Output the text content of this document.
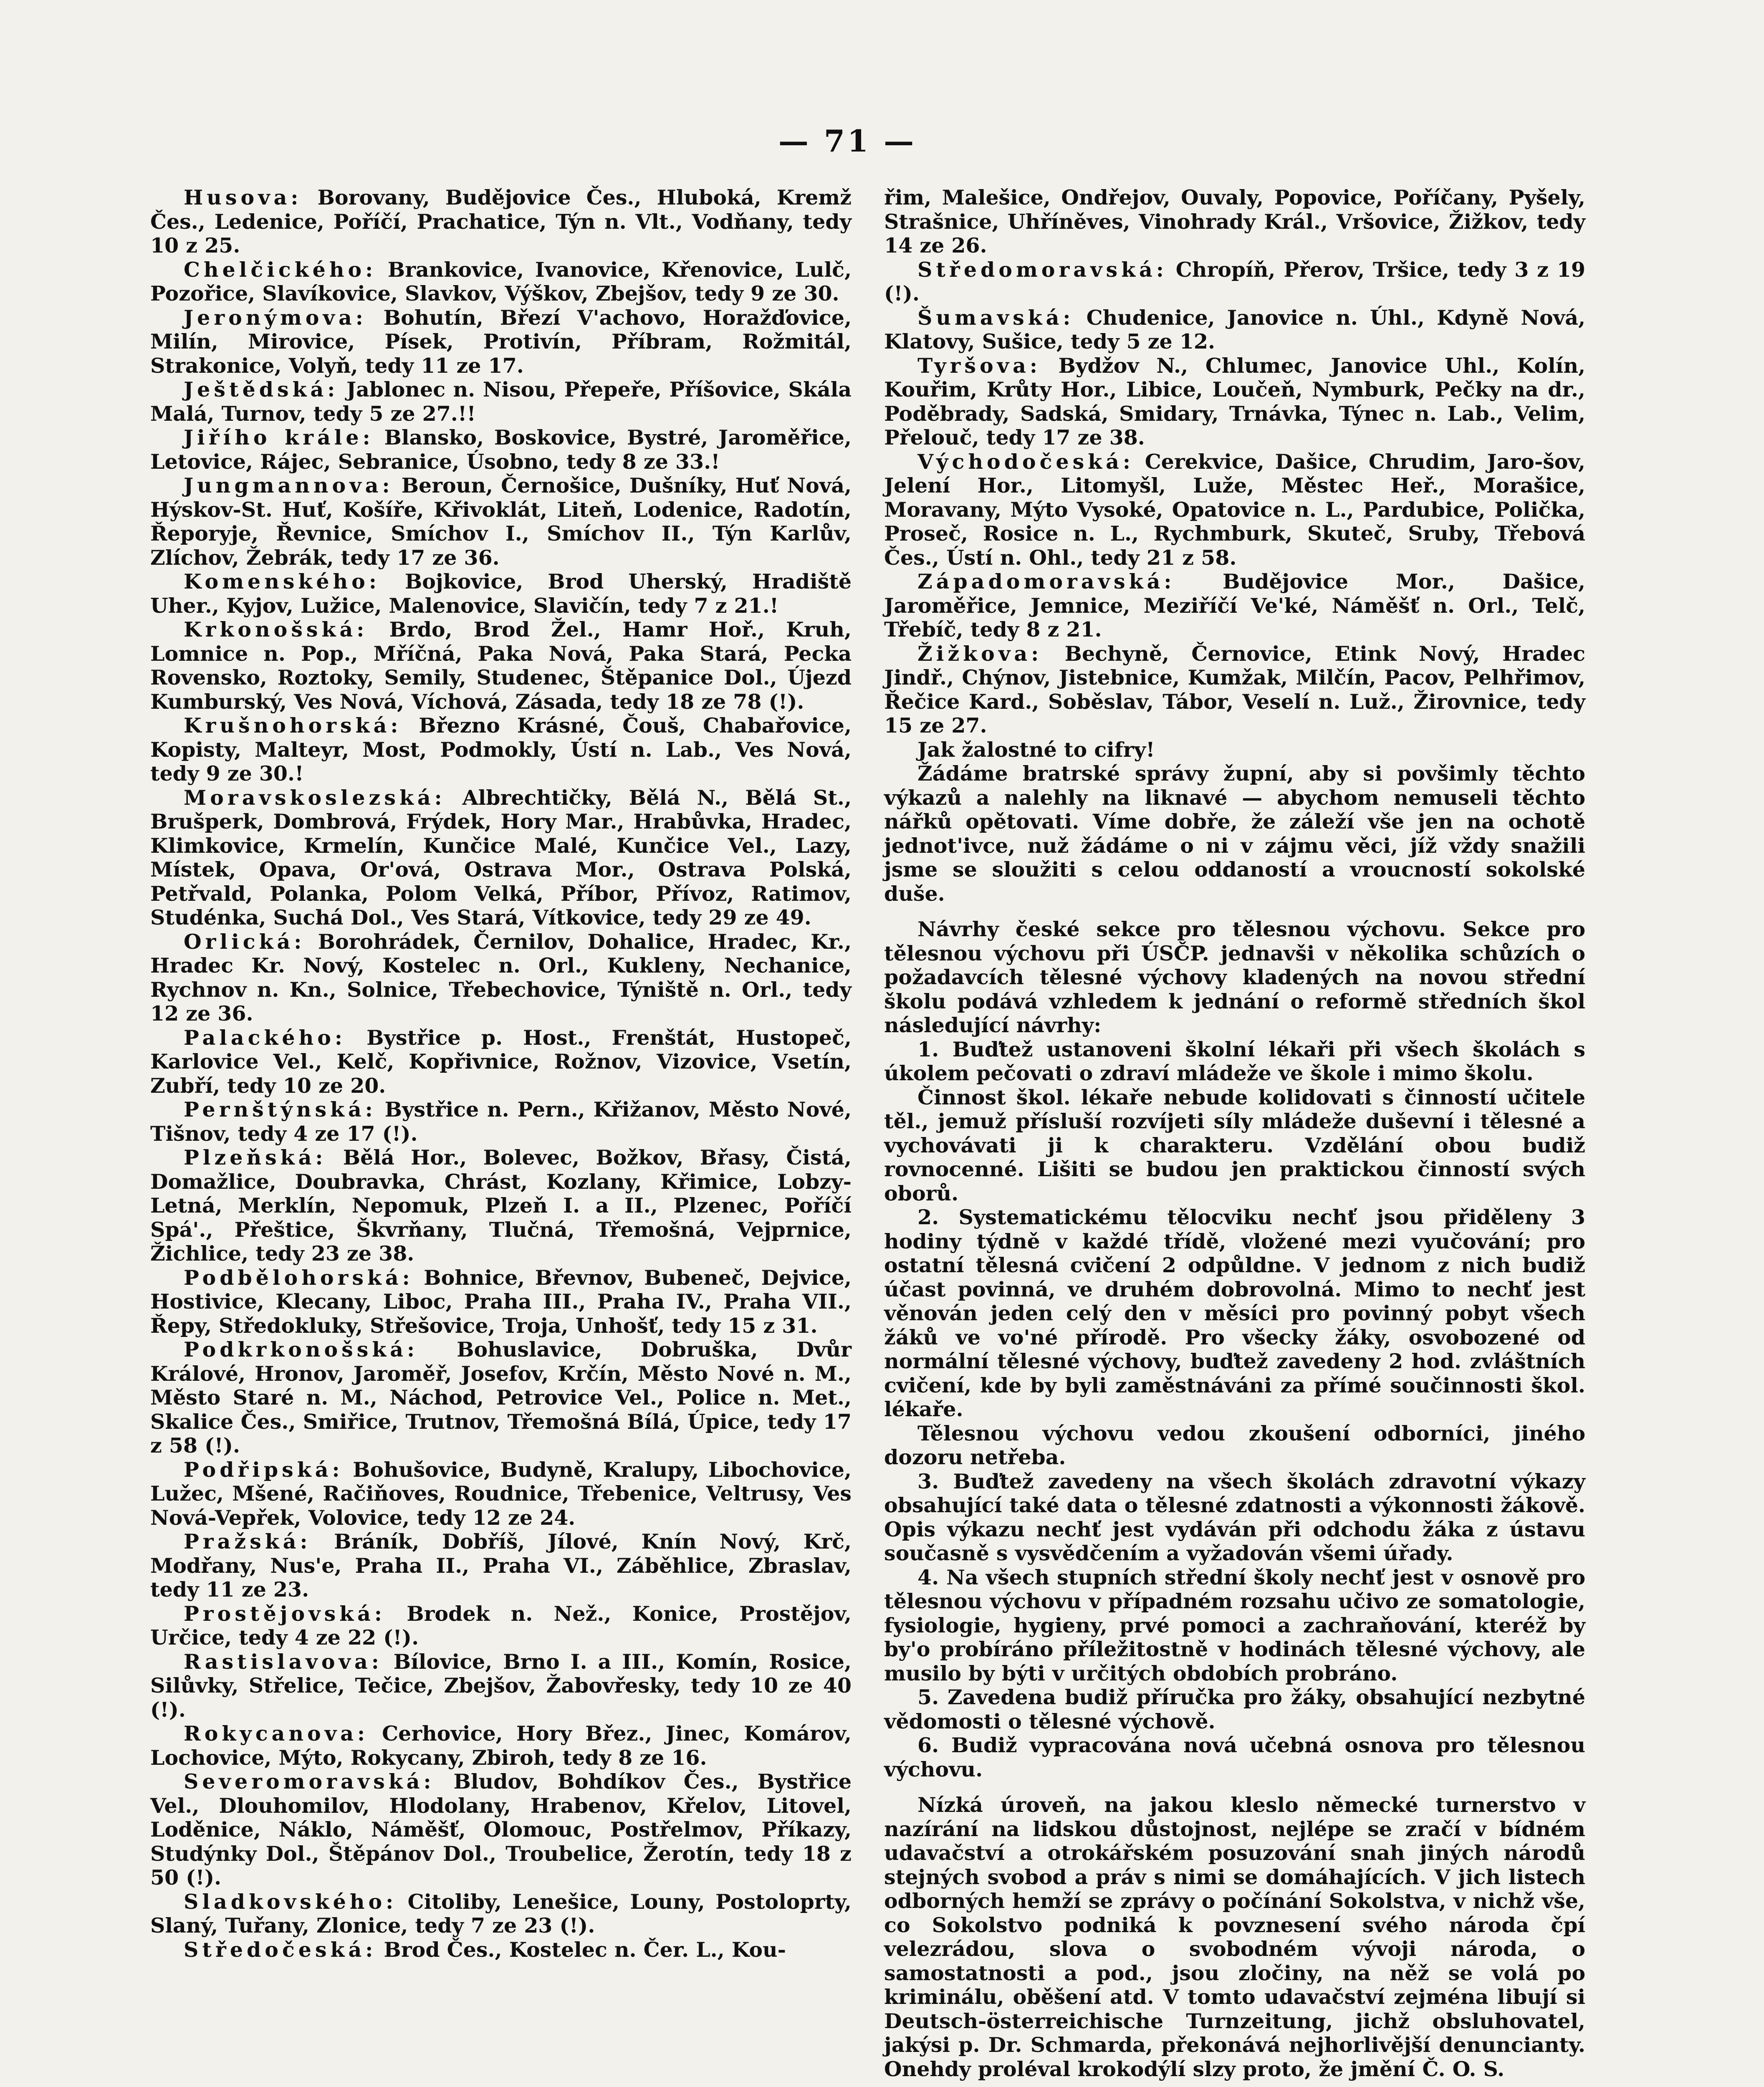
— 71 —

Husova: Borovany, Budějovice Čes., Hluboká, Kremž Čes., Ledenice, Poříčí, Prachatice, Týn n. Vlt., Vodňany, tedy 10 z 25.

Chelčického: Brankovice, Ivanovice, Křenovice, Lulč, Pozořice, Slavíkovice, Slavkov, Výškov, Zbejšov, tedy 9 ze 30.

Jeronýmova: Bohutín, Březí V'achovo, Horažďovice, Milín, Mirovice, Písek, Protivín, Příbram, Rožmitál, Strakonice, Volyň, tedy 11 ze 17.

Ještědská: Jablonec n. Nisou, Přepeře, Příšovice, Skála Malá, Turnov, tedy 5 ze 27.!!

Jiřího krále: Blansko, Boskovice, Bystré, Jaroměřice, Letovice, Rájec, Sebranice, Úsobno, tedy 8 ze 33.!

Jungmannova: Beroun, Černošice, Dušníky, Huť Nová, Hýskov-St. Huť, Košíře, Křivoklát, Liteň, Lodenice, Radotín, Řeporyje, Řevnice, Smíchov I., Smíchov II., Týn Karlův, Zlíchov, Žebrák, tedy 17 ze 36.

Komenského: Bojkovice, Brod Uherský, Hradiště Uher., Kyjov, Lužice, Malenovice, Slavičín, tedy 7 z 21.!

Krkonošská: Brdo, Brod Žel., Hamr Hoř., Kruh, Lomnice n. Pop., Mříčná, Paka Nová, Paka Stará, Pecka Rovensko, Roztoky, Semily, Studenec, Štěpanice Dol., Újezd Kumburský, Ves Nová, Víchová, Zásada, tedy 18 ze 78 (!).

Krušnohorská: Březno Krásné, Čouš, Chabařovice, Kopisty, Malteyr, Most, Podmokly, Ústí n. Lab., Ves Nová, tedy 9 ze 30.!

Moravskoslezská: Albrechtičky, Bělá N., Bělá St., Brušperk, Dombrová, Frýdek, Hory Mar., Hrabůvka, Hradec, Klimkovice, Krmelín, Kunčice Malé, Kunčice Vel., Lazy, Místek, Opava, Or'ová, Ostrava Mor., Ostrava Polská, Petřvald, Polanka, Polom Velká, Příbor, Přívoz, Ratimov, Studénka, Suchá Dol., Ves Stará, Vítkovice, tedy 29 ze 49.

Orlická: Borohrádek, Černilov, Dohalice, Hradec, Kr., Hradec Kr. Nový, Kostelec n. Orl., Kukleny, Nechanice, Rychnov n. Kn., Solnice, Třebechovice, Týniště n. Orl., tedy 12 ze 36.

Palackého: Bystřice p. Host., Frenštát, Hustopeč, Karlovice Vel., Kelč, Kopřivnice, Rožnov, Vizovice, Vsetín, Zubří, tedy 10 ze 20.

Pernštýnská: Bystřice n. Pern., Křižanov, Město Nové, Tišnov, tedy 4 ze 17 (!).

Plzeňská: Bělá Hor., Bolevec, Božkov, Břasy, Čistá, Domažlice, Doubravka, Chrást, Kozlany, Křimice, Lobzy-Letná, Merklín, Nepomuk, Plzeň I. a II., Plzenec, Poříčí Spá'., Přeštice, Škvrňany, Tlučná, Třemošná, Vejprnice, Žichlice, tedy 23 ze 38.

Podbělohorská: Bohnice, Břevnov, Bubeneč, Dejvice, Hostivice, Klecany, Liboc, Praha III., Praha IV., Praha VII., Řepy, Středokluky, Střešovice, Troja, Unhošť, tedy 15 z 31.

Podkrkonošská: Bohuslavice, Dobruška, Dvůr Králové, Hronov, Jaroměř, Josefov, Krčín, Město Nové n. M., Město Staré n. M., Náchod, Petrovice Vel., Police n. Met., Skalice Čes., Smiřice, Trutnov, Třemošná Bílá, Úpice, tedy 17 z 58 (!).

Podřipská: Bohušovice, Budyně, Kralupy, Libochovice, Lužec, Mšené, Račiňoves, Roudnice, Třebenice, Veltrusy, Ves Nová-Vepřek, Volovice, tedy 12 ze 24.

Pražská: Bráník, Dobříš, Jílové, Knín Nový, Krč, Modřany, Nus'e, Praha II., Praha VI., Záběhlice, Zbraslav, tedy 11 ze 23.

Prostějovská: Brodek n. Než., Konice, Prostějov, Určice, tedy 4 ze 22 (!).

Rastislavova: Bílovice, Brno I. a III., Komín, Rosice, Silůvky, Střelice, Tečice, Zbejšov, Žabovřesky, tedy 10 ze 40 (!).

Rokycanova: Cerhovice, Hory Břez., Jinec, Komárov, Lochovice, Mýto, Rokycany, Zbiroh, tedy 8 ze 16.

Severomoravská: Bludov, Bohdíkov Čes., Bystřice Vel., Dlouhomilov, Hlodolany, Hrabenov, Křelov, Litovel, Loděnice, Náklo, Náměšť, Olomouc, Postřelmov, Příkazy, Studýnky Dol., Štěpánov Dol., Troubelice, Žerotín, tedy 18 z 50 (!).

Sladkovského: Citoliby, Lenešice, Louny, Postoloprty, Slaný, Tuřany, Zlonice, tedy 7 ze 23 (!).

Středočeská: Brod Čes., Kostelec n. Čer. L., Kou-

řim, Malešice, Ondřejov, Ouvaly, Popovice, Poříčany, Pyšely, Strašnice, Uhříněves, Vinohrady Král., Vršovice, Žižkov, tedy 14 ze 26.

Středomoravská: Chropíň, Přerov, Tršice, tedy 3 z 19 (!).

Šumavská: Chudenice, Janovice n. Úhl., Kdyně Nová, Klatovy, Sušice, tedy 5 ze 12.

Tyršova: Bydžov N., Chlumec, Janovice Uhl., Kolín, Kouřim, Krůty Hor., Libice, Loučeň, Nymburk, Pečky na dr., Poděbrady, Sadská, Smidary, Trnávka, Týnec n. Lab., Velim, Přelouč, tedy 17 ze 38.

Východočeská: Cerekvice, Dašice, Chrudim, Jaro-šov, Jelení Hor., Litomyšl, Luže, Městec Heř., Morašice, Moravany, Mýto Vysoké, Opatovice n. L., Pardubice, Polička, Proseč, Rosice n. L., Rychmburk, Skuteč, Sruby, Třebová Čes., Ústí n. Ohl., tedy 21 z 58.

Západomoravská: Budějovice Mor., Dašice, Jaroměřice, Jemnice, Meziříčí Ve'ké, Náměšť n. Orl., Telč, Třebíč, tedy 8 z 21.

Žižkova: Bechyně, Černovice, Etink Nový, Hradec Jindř., Chýnov, Jistebnice, Kumžak, Milčín, Pacov, Pelhřimov, Řečice Kard., Soběslav, Tábor, Veselí n. Luž., Žirovnice, tedy 15 ze 27.

Jak žalostné to cifry!

Žádáme bratrské správy župní, aby si povšimly těchto výkazů a nalehly na liknavé — abychom nemuseli těchto nářků opětovati. Víme dobře, že záleží vše jen na ochotě jednot'ivce, nuž žádáme o ni v zájmu věci, jíž vždy snažili jsme se sloužiti s celou oddaností a vroucností sokolské duše.

Návrhy české sekce pro tělesnou výchovu. Sekce pro tělesnou výchovu při ÚSČP. jednavši v několika schůzích o požadavcích tělesné výchovy kladených na novou střední školu podává vzhledem k jednání o reformě středních škol následující návrhy:

1. Buďtež ustanoveni školní lékaři při všech školách s úkolem pečovati o zdraví mládeže ve škole i mimo školu.

Činnost škol. lékaře nebude kolidovati s činností učitele těl., jemuž přísluší rozvíjeti síly mládeže duševní i tělesné a vychovávati ji k charakteru. Vzdělání obou budiž rovnocenné. Lišiti se budou jen praktickou činností svých oborů.

2. Systematickému tělocviku nechť jsou přiděleny 3 hodiny týdně v každé třídě, vložené mezi vyučování; pro ostatní tělesná cvičení 2 odpůldne. V jednom z nich budiž účast povinná, ve druhém dobrovolná. Mimo to nechť jest věnován jeden celý den v měsíci pro povinný pobyt všech žáků ve vo'né přírodě. Pro všecky žáky, osvobozené od normální tělesné výchovy, buďtež zavedeny 2 hod. zvláštních cvičení, kde by byli zaměstnáváni za přímé součinnosti škol. lékaře.

Tělesnou výchovu vedou zkoušení odborníci, jiného dozoru netřeba.

3. Buďtež zavedeny na všech školách zdravotní výkazy obsahující také data o tělesné zdatnosti a výkonnosti žákově. Opis výkazu nechť jest vydáván při odchodu žáka z ústavu současně s vysvědčením a vyžadován všemi úřady.

4. Na všech stupních střední školy nechť jest v osnově pro tělesnou výchovu v případném rozsahu učivo ze somatologie, fysiologie, hygieny, prvé pomoci a zachraňování, kteréž by by'o probíráno příležitostně v hodinách tělesné výchovy, ale musilo by býti v určitých obdobích probráno.

5. Zavedena budiž příručka pro žáky, obsahující nezbytné vědomosti o tělesné výchově.

6. Budiž vypracována nová učebná osnova pro tělesnou výchovu.

Nízká úroveň, na jakou kleslo německé turnerstvo v nazírání na lidskou důstojnost, nejlépe se zračí v bídném udavačství a otrokářském posuzování snah jiných národů stejných svobod a práv s nimi se domáhajících. V jich listech odborných hemží se zprávy o počínání Sokolstva, v nichž vše, co Sokolstvo podniká k povznesení svého národa čpí velezrádou, slova o svobodném vývoji národa, o samostatnosti a pod., jsou zločiny, na něž se volá po kriminálu, oběšení atd. V tomto udavačství zejména libují si Deutsch-österreichische Turnzeitung, jichž obsluhovatel, jakýsi p. Dr. Schmarda, překonává nejhorlivější denuncianty. Onehdy proléval krokodýlí slzy proto, že jmění Č. O. S.
